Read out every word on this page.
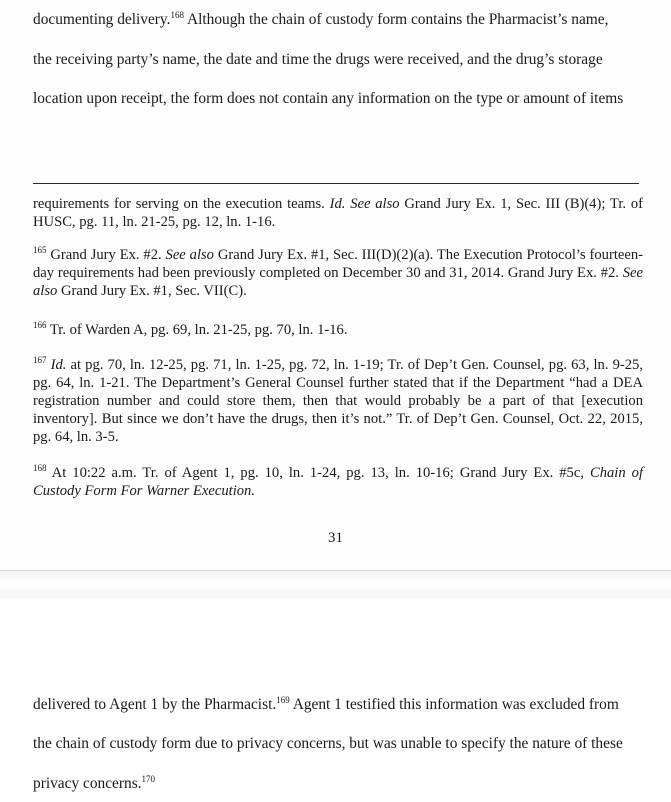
documenting delivery.$^{168}$ Although the chain of custody form contains the Pharmacist’s name,
the receiving party’s name, the date and time the drugs were received, and the drug’s storage
location upon receipt, the form does not contain any information on the type or amount of items
requirements for serving on the execution teams. Id. See also Grand Jury Ex. 1, Sec. III (B)(4); Tr. of HUSC, pg. 11, ln. 21-25, pg. 12, ln. 1-16.
$^{165}$ Grand Jury Ex. #2. See also Grand Jury Ex. #1, Sec. III(D)(2)(a). The Execution Protocol’s fourteen-day requirements had been previously completed on December 30 and 31, 2014. Grand Jury Ex. #2. See also Grand Jury Ex. #1, Sec. VII(C).
$^{166}$ Tr. of Warden A, pg. 69, ln. 21-25, pg. 70, ln. 1-16.
$^{167}$ Id. at pg. 70, ln. 12-25, pg. 71, ln. 1-25, pg. 72, ln. 1-19; Tr. of Dep’t Gen. Counsel, pg. 63, ln. 9-25, pg. 64, ln. 1-21. The Department’s General Counsel further stated that if the Department “had a DEA registration number and could store them, then that would probably be a part of that [execution inventory]. But since we don’t have the drugs, then it’s not.” Tr. of Dep’t Gen. Counsel, Oct. 22, 2015, pg. 64, ln. 3-5.
$^{168}$ At 10:22 a.m. Tr. of Agent 1, pg. 10, ln. 1-24, pg. 13, ln. 10-16; Grand Jury Ex. #5c, Chain of Custody Form For Warner Execution.
31
delivered to Agent 1 by the Pharmacist.$^{169}$ Agent 1 testified this information was excluded from
the chain of custody form due to privacy concerns, but was unable to specify the nature of these
privacy concerns.$^{170}$
